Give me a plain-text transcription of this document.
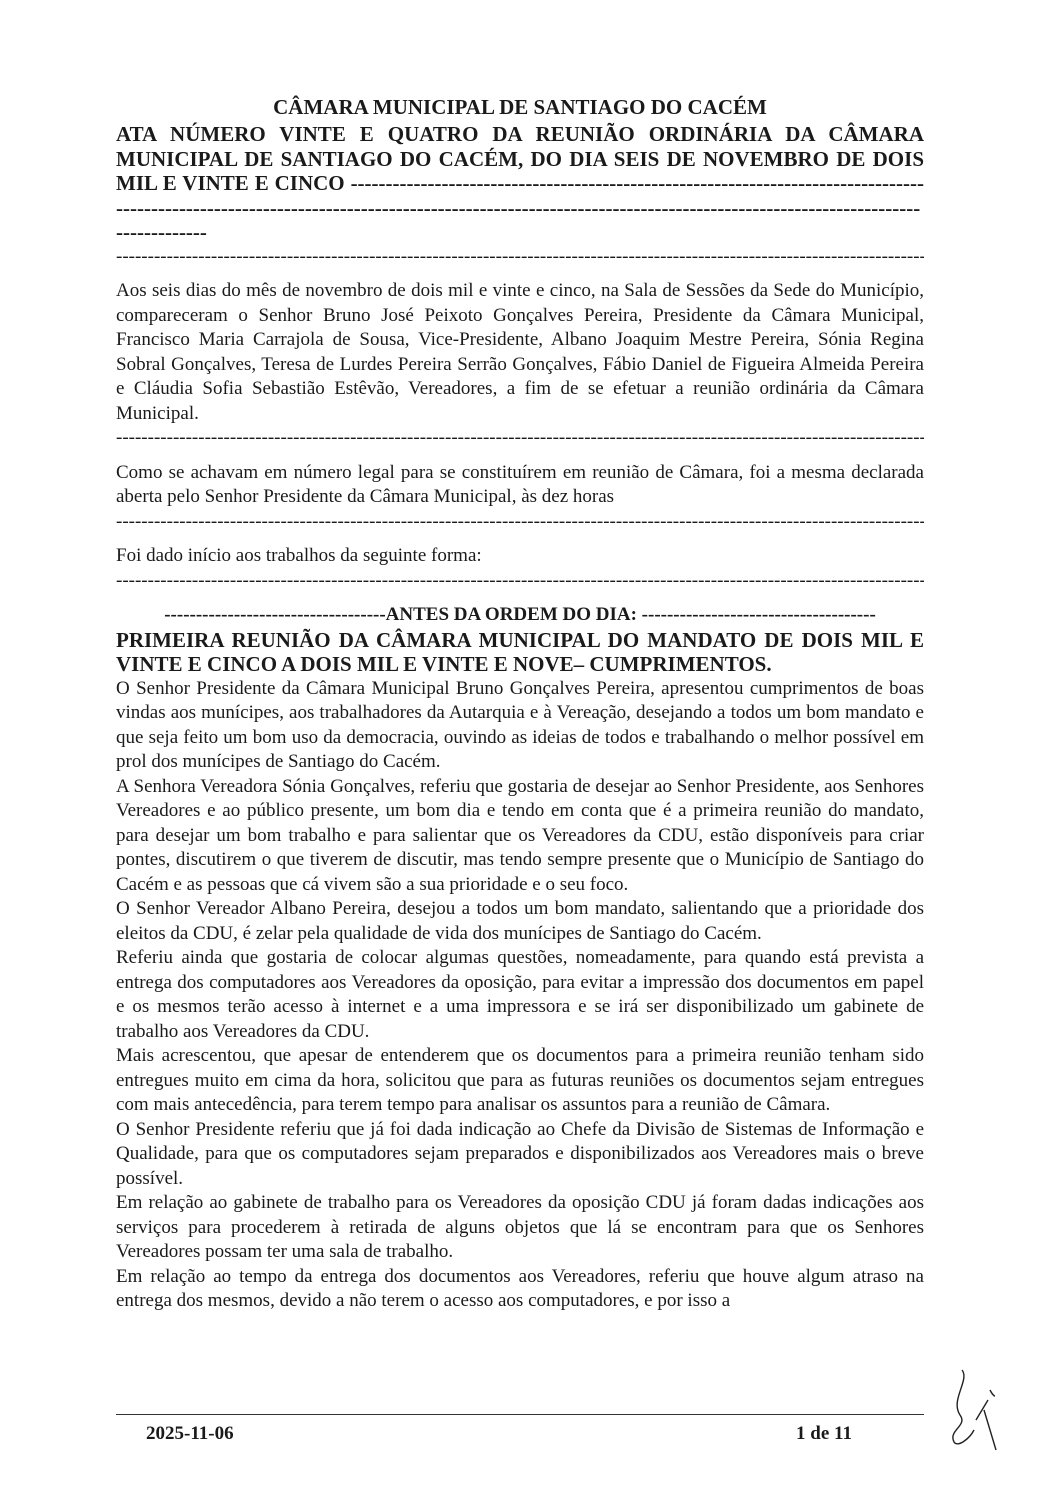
CÂMARA MUNICIPAL DE SANTIAGO DO CACÉM
ATA NÚMERO VINTE E QUATRO DA REUNIÃO ORDINÁRIA DA CÂMARA MUNICIPAL DE SANTIAGO DO CACÉM, DO DIA SEIS DE NOVEMBRO DE DOIS MIL E VINTE E CINCO -----
-----

Aos seis dias do mês de novembro de dois mil e vinte e cinco, na Sala de Sessões da Sede do Município, compareceram o Senhor Bruno José Peixoto Gonçalves Pereira, Presidente da Câmara Municipal, Francisco Maria Carrajola de Sousa, Vice-Presidente, Albano Joaquim Mestre Pereira, Sónia Regina Sobral Gonçalves, Teresa de Lurdes Pereira Serrão Gonçalves, Fábio Daniel de Figueira Almeida Pereira e Cláudia Sofia Sebastião Estêvão, Vereadores, a fim de se efetuar a reunião ordinária da Câmara Municipal.

-----

Como se achavam em número legal para se constituírem em reunião de Câmara, foi a mesma declarada aberta pelo Senhor Presidente da Câmara Municipal, às dez horas

-----

Foi dado início aos trabalhos da seguinte forma:

-----
-----------------------------------ANTES DA ORDEM DO DIA: -------------------------------------
PRIMEIRA REUNIÃO DA CÂMARA MUNICIPAL DO MANDATO DE DOIS MIL E VINTE E CINCO A DOIS MIL E VINTE E NOVE– CUMPRIMENTOS.

O Senhor Presidente da Câmara Municipal Bruno Gonçalves Pereira, apresentou cumprimentos de boas vindas aos munícipes, aos trabalhadores da Autarquia e à Vereação, desejando a todos um bom mandato e que seja feito um bom uso da democracia, ouvindo as ideias de todos e trabalhando o melhor possível em prol dos munícipes de Santiago do Cacém.

A Senhora Vereadora Sónia Gonçalves, referiu que gostaria de desejar ao Senhor Presidente, aos Senhores Vereadores e ao público presente, um bom dia e tendo em conta que é a primeira reunião do mandato, para desejar um bom trabalho e para salientar que os Vereadores da CDU, estão disponíveis para criar pontes, discutirem o que tiverem de discutir, mas tendo sempre presente que o Município de Santiago do Cacém e as pessoas que cá vivem são a sua prioridade e o seu foco.

O Senhor Vereador Albano Pereira, desejou a todos um bom mandato, salientando que a prioridade dos eleitos da CDU, é zelar pela qualidade de vida dos munícipes de Santiago do Cacém.

Referiu ainda que gostaria de colocar algumas questões, nomeadamente, para quando está prevista a entrega dos computadores aos Vereadores da oposição, para evitar a impressão dos documentos em papel e os mesmos terão acesso à internet e a uma impressora e se irá ser disponibilizado um gabinete de trabalho aos Vereadores da CDU.

Mais acrescentou, que apesar de entenderem que os documentos para a primeira reunião tenham sido entregues muito em cima da hora, solicitou que para as futuras reuniões os documentos sejam entregues com mais antecedência, para terem tempo para analisar os assuntos para a reunião de Câmara.

O Senhor Presidente referiu que já foi dada indicação ao Chefe da Divisão de Sistemas de Informação e Qualidade, para que os computadores sejam preparados e disponibilizados aos Vereadores mais o breve possível.

Em relação ao gabinete de trabalho para os Vereadores da oposição CDU já foram dadas indicações aos serviços para procederem à retirada de alguns objetos que lá se encontram para que os Senhores Vereadores possam ter uma sala de trabalho.

Em relação ao tempo da entrega dos documentos aos Vereadores, referiu que houve algum atraso na entrega dos mesmos, devido a não terem o acesso aos computadores, e por isso a

2025-11-06	1 de 11
